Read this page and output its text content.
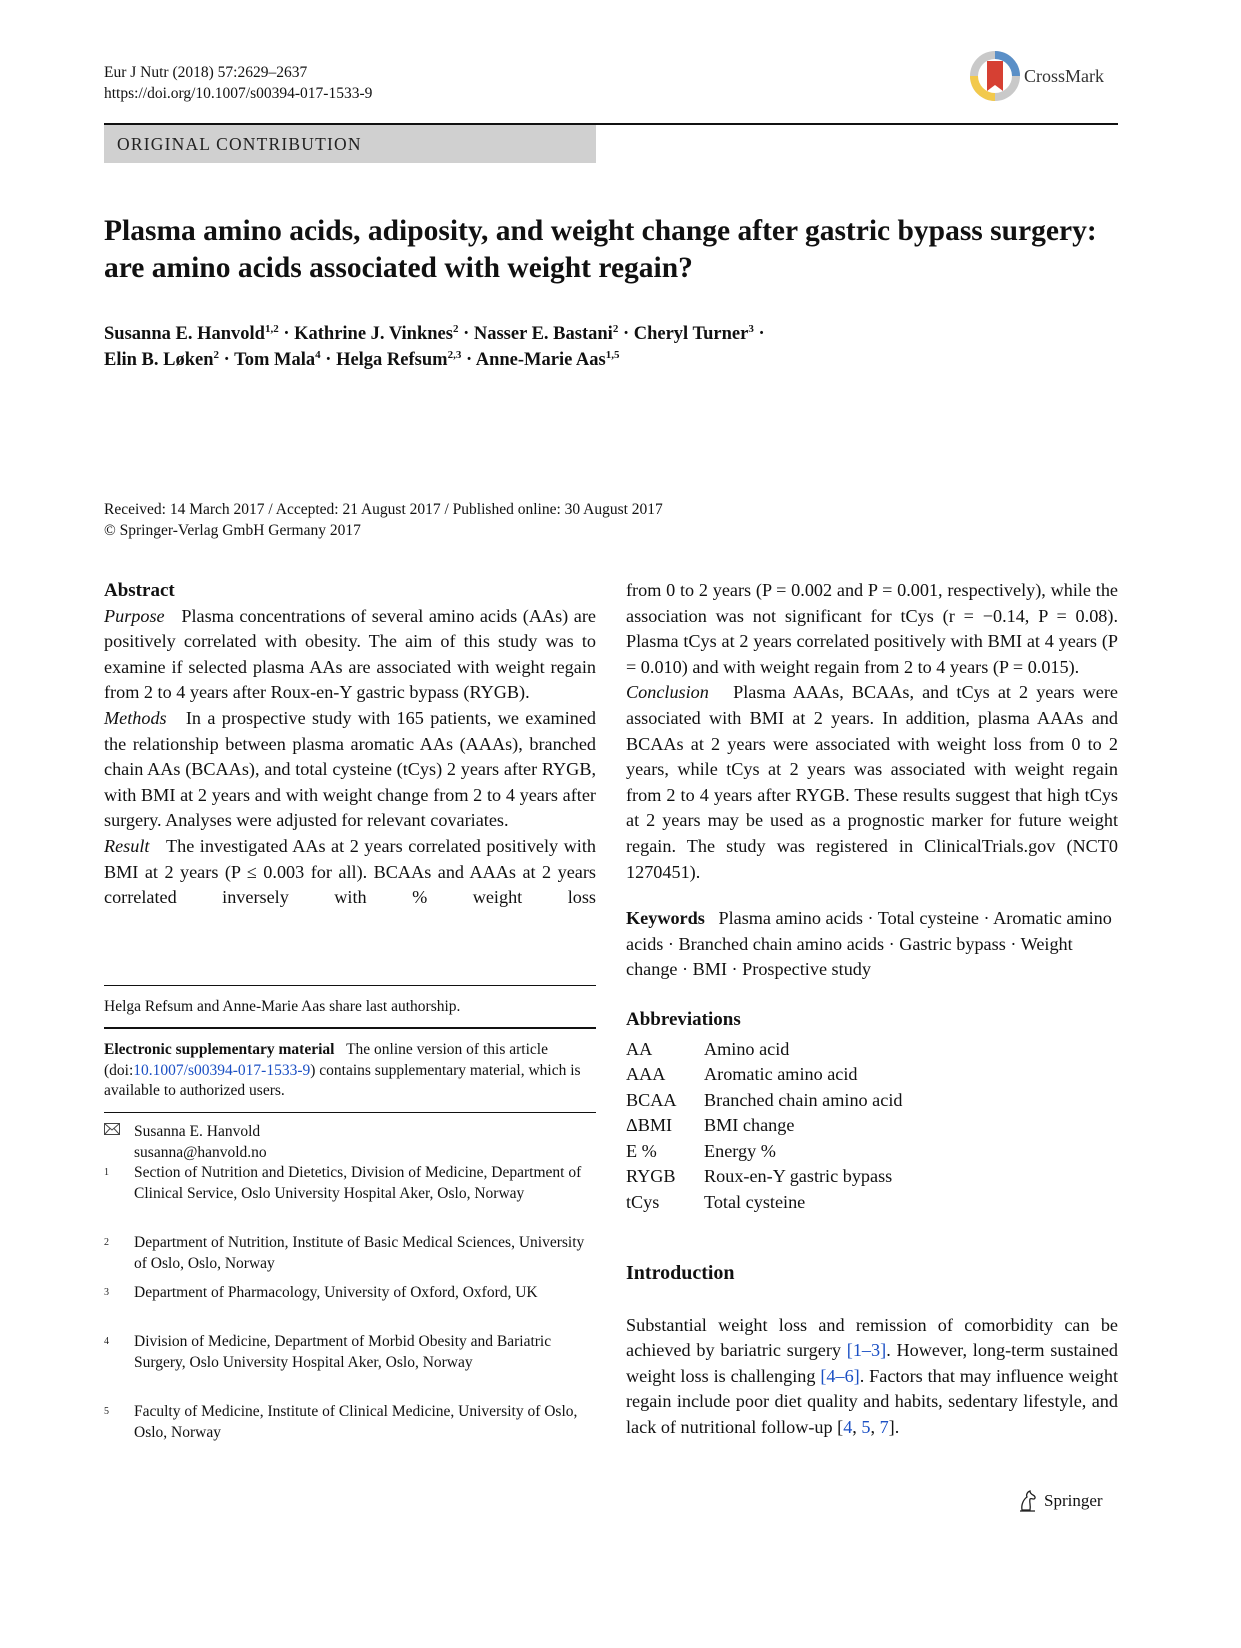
Eur J Nutr (2018) 57:2629–2637
https://doi.org/10.1007/s00394-017-1533-9
CrossMark
ORIGINAL CONTRIBUTION
Plasma amino acids, adiposity, and weight change after gastric bypass surgery: are amino acids associated with weight regain?
Susanna E. Hanvold$^{1,2}$ · Kathrine J. Vinknes$^2$ · Nasser E. Bastani$^2$ · Cheryl Turner$^3$ ·
Elin B. Løken$^2$ · Tom Mala$^4$ · Helga Refsum$^{2,3}$ · Anne-Marie Aas$^{1,5}$
Received: 14 March 2017 / Accepted: 21 August 2017 / Published online: 30 August 2017
© Springer-Verlag GmbH Germany 2017
Abstract

Purpose Plasma concentrations of several amino acids (AAs) are positively correlated with obesity. The aim of this study was to examine if selected plasma AAs are associated with weight regain from 2 to 4 years after Roux-en-Y gastric bypass (RYGB).

Methods In a prospective study with 165 patients, we examined the relationship between plasma aromatic AAs (AAAs), branched chain AAs (BCAAs), and total cysteine (tCys) 2 years after RYGB, with BMI at 2 years and with weight change from 2 to 4 years after surgery. Analyses were adjusted for relevant covariates.

Result The investigated AAs at 2 years correlated positively with BMI at 2 years (P ≤ 0.003 for all). BCAAs and AAAs at 2 years correlated inversely with % weight loss

Helga Refsum and Anne-Marie Aas share last authorship.
Electronic supplementary material The online version of this article (doi:10.1007/s00394-017-1533-9) contains supplementary material, which is available to authorized users.
Susanna E. Hanvold
susanna@hanvold.no
1	Section of Nutrition and Dietetics, Division of Medicine, Department of Clinical Service, Oslo University Hospital Aker, Oslo, Norway
2	Department of Nutrition, Institute of Basic Medical Sciences, University of Oslo, Oslo, Norway
3	Department of Pharmacology, University of Oxford, Oxford, UK
4	Division of Medicine, Department of Morbid Obesity and Bariatric Surgery, Oslo University Hospital Aker, Oslo, Norway
5	Faculty of Medicine, Institute of Clinical Medicine, University of Oslo, Oslo, Norway

from 0 to 2 years (P = 0.002 and P = 0.001, respectively), while the association was not significant for tCys (r = −0.14, P = 0.08). Plasma tCys at 2 years correlated positively with BMI at 4 years (P = 0.010) and with weight regain from 2 to 4 years (P = 0.015).

Conclusion Plasma AAAs, BCAAs, and tCys at 2 years were associated with BMI at 2 years. In addition, plasma AAAs and BCAAs at 2 years were associated with weight loss from 0 to 2 years, while tCys at 2 years was associated with weight regain from 2 to 4 years after RYGB. These results suggest that high tCys at 2 years may be used as a prognostic marker for future weight regain. The study was registered in ClinicalTrials.gov (NCT0 1270451).

Keywords Plasma amino acids · Total cysteine · Aromatic amino acids · Branched chain amino acids · Gastric bypass · Weight change · BMI · Prospective study

Abbreviations
AA	Amino acid
AAA	Aromatic amino acid
BCAA	Branched chain amino acid
ΔBMI	BMI change
E %	Energy %
RYGB	Roux-en-Y gastric bypass
tCys	Total cysteine
Introduction

Substantial weight loss and remission of comorbidity can be achieved by bariatric surgery [1–3]. However, long-term sustained weight loss is challenging [4–6]. Factors that may influence weight regain include poor diet quality and habits, sedentary lifestyle, and lack of nutritional follow-up [4, 5, 7].

Springer
